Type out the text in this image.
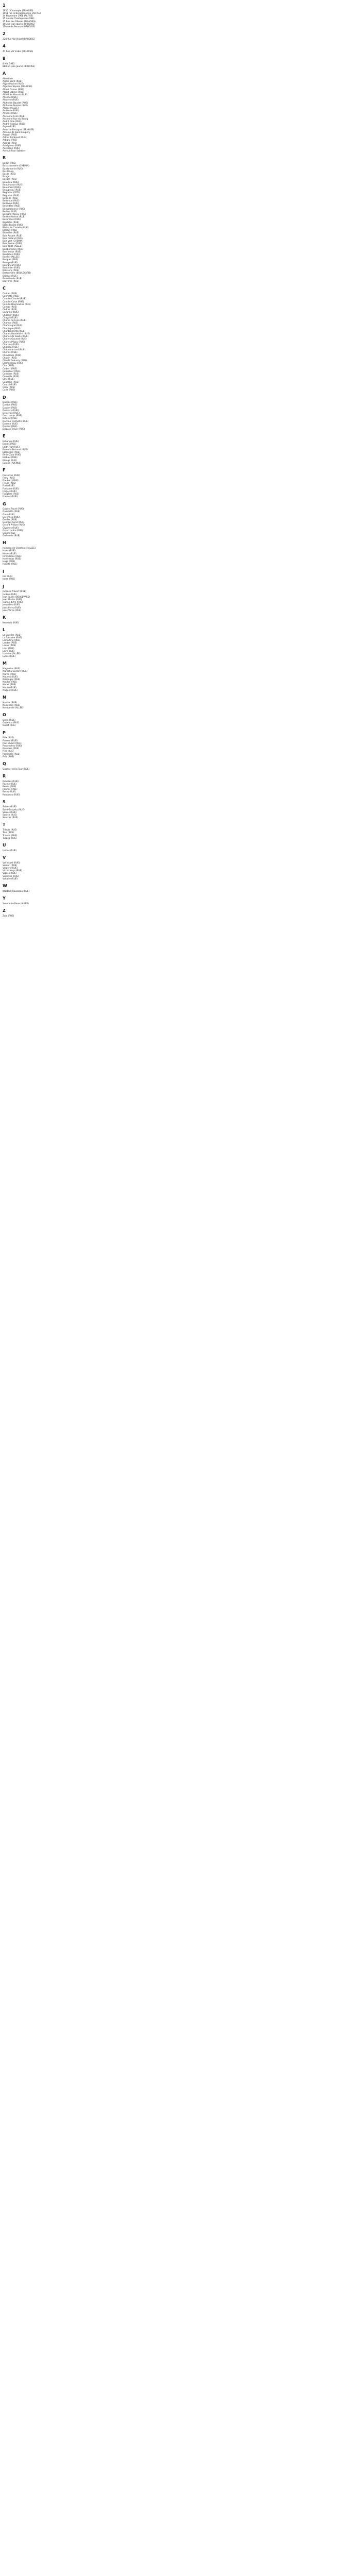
1
1950 / Chantepie (BRHOISS)
1961 rue la Bergeronnerie (ALFISE)
14 Novembre 1966 (ALFISE)
15 rue de Chantepie (ALFISE)
15 Rue des Riberes (BRHOISS)
195 bd Jean Jaurès (BRHOISS)
1D rue de Penarah (BRHOISS)
2
22B Rue Val Visbel (BRHOISS)
4
47 Rue Val Visbel (BRHOISS)
8
8 Mai 1945
88B bd Jean Jaurès (BRHOISS)
A
Abbatiale
Aigles Saint (RUE)
Aigue Marine (RUE)
Aiguillon Square (BRHOISS)
Albert Camus (RUE)
Albert Lebrun (RUE)
Alfred de Musset (RUE)
Allende (RUE)
Alouette (RUE)
Alphonse Daudet (RUE)
Alphonse Pensée (RUE)
Alsace (ALLEE)
Amboise (RUE)
Amiens (RUE)
Ancienne Foire (RUE)
Ancienne Rue du Bourg
André Gide (RUE)
André Malraux (RUE)
Anjou (RUE)
Anne de Bretagne (BRHOISS)
Antoine de Saint-Exupéry
Aragon (RUE)
Arthur Rimbaud (RUE)
Artigny (RUE)
Aubrac (RUE)
Aubépines (RUE)
Auvergne (RUE)
Avenue Paul Sabatier
B
Ballon (RUE)
Barachonnerie (CHEMIN)
Bardonnerie (RUE)
Bas Bourg
Basile (RUE)
Baugé
Bayard (RUE)
Beaulieu (RUE)
Beaumanoir (RUE)
Beaumont (RUE)
Beaupréau (RUE)
Bégonias (CITE)
Bégonias (RUE)
Belle-Ile (RUE)
Belle-Vue (RUE)
Bellevue (RUE)
Belvédère (RUE)
Bergeronnerie (RUE)
Berlioz (RUE)
Bernard Palissy (RUE)
Berthe Morisot (RUE)
Bezombes (RUE)
Bigotière (RUE)
Blanc Pascal (RUE)
Blaise de Castello (RUE)
Bléraut (RUE)
Blossière (RUE)
Bois Aucant (RUE)
Bois Rolland (RUE)
Bois Vert (CHEMIN)
Bois Perrier (RUE)
Bois Taillé (ALLEE)
Boisbonnière (RUE)
Bonnefoux (RUE)
Bordeaux (RUE)
Bordier (ALLEE)
Bosquet (RUE)
Bouaye (RUE)
Bourgneuf (RUE)
Bouteiller (RUE)
Brassens (RUE)
Bretonnière (BOULEVARD)
Brizeux (RUE)
Brocéliande (RUE)
Bruyères (RUE)
C
Cadran (RUE)
Calmette (RUE)
Camille Claudel (RUE)
Camille Corot (RUE)
Camille Desmoulins (RUE)
Carnac (RUE)
Cèdres (RUE)
Cézanne (RUE)
Chabrier (RUE)
Chagall (RUE)
Champ de Foire (RUE)
Champs (RUE)
Champagné (RUE)
Chantepie (RUE)
Chardonnerets (RUE)
Charles Baudelaire (RUE)
Charles de Gaulle (RUE)
Charles Gounod (RUE)
Charles Péguy (RUE)
Chartres (RUE)
Château (RUE)
Châteaubriand (RUE)
Chénes (RUE)
Chevalerie (RUE)
Chopin (RUE)
Claude Debussy (RUE)
Clemenceau (RUE)
Clos (RUE)
Colbert (RUE)
Colombier (RUE)
Cormiers (RUE)
Corneille (RUE)
Côte (RUE)
Coudraie (RUE)
Courtil (RUE)
Croix (RUE)
Curie (RUE)
D
Dahlias (RUE)
Danton (RUE)
Daudet (RUE)
Debussy (RUE)
Delacroix (RUE)
Deschamps (RUE)
Diderot (RUE)
Docteur Calmette (RUE)
Dolmen (RUE)
Dunant (RUE)
Duguay-Trouin (RUE)
E
Echange (RUE)
Ecoles (RUE)
Edith Piaf (RUE)
Edmond Rostand (RUE)
Eglantiers (RUE)
Emile Zola (RUE)
Erables (RUE)
Etangs (RUE)
Europe (AVENUE)
F
Fauvettes (RUE)
Ferry (RUE)
Flaubert (RUE)
Fleurs (RUE)
Foch (RUE)
Fontaine (RUE)
Forges (RUE)
Fougères (RUE)
Fresnes (RUE)
G
Gabriel Fauré (RUE)
Gambetta (RUE)
Gare (RUE)
Garennes (RUE)
Genêts (RUE)
Georges Sand (RUE)
Gérard Philipe (RUE)
Glycines (RUE)
Grand Jardin (RUE)
Grande Rue
Guérande (RUE)
H
Hameau de Chantepie (ALLEE)
Haies (RUE)
Hêtres (RUE)
Hirondelles (RUE)
Hortensias (RUE)
Hugo (RUE)
Hulotte (RUE)
I
Iris (RUE)
Iroise (RUE)
J
Jacques Prévert (RUE)
Jardins (RUE)
Jean Jaurès (BOULEVARD)
Jean Moulin (RUE)
Jeanne d'Arc (RUE)
Jonquilles (RUE)
Jules Ferry (RUE)
Jules Verne (RUE)
K
Kennedy (RUE)
L
La Bruyère (RUE)
La Fontaine (RUE)
Lamartine (RUE)
Landes (RUE)
Lavoir (RUE)
Lilas (RUE)
Loire (RUE)
Lorraine (ALLEE)
Lycée (RUE)
M
Magnolias (RUE)
Maréchal Leclerc (RUE)
Marne (RUE)
Mauves (RUE)
Mésanges (RUE)
Molière (RUE)
Monet (RUE)
Moulin (RUE)
Muguet (RUE)
N
Nantes (RUE)
Noisetiers (RUE)
Normandie (ALLEE)
O
Orme (RUE)
Ormeaux (RUE)
Ouest (RUE)
P
Paix (RUE)
Pasteur (RUE)
Paul Eluard (RUE)
Pervenches (RUE)
Peupliers (RUE)
Pins (RUE)
Pommiers (RUE)
Prés (RUE)
Q
Quartier de la Tour (RUE)
R
Rabelais (RUE)
Racine (RUE)
Renan (RUE)
Rennes (RUE)
Roses (RUE)
Rousseau (RUE)
S
Sables (RUE)
Saint-Exupéry (RUE)
Saules (RUE)
Source (RUE)
Sources (RUE)
T
Tilleuls (RUE)
Tour (RUE)
Trianon (RUE)
Tulipes (RUE)
U
Usines (RUE)
V
Val Visbel (RUE)
Verdun (RUE)
Vergers (RUE)
Victor Hugo (RUE)
Vignes (RUE)
Violettes (RUE)
Voltaire (RUE)
W
Waldeck Rousseau (RUE)
Y
Yvonne Le Roux (ALLEE)
Z
Zola (RUE)
